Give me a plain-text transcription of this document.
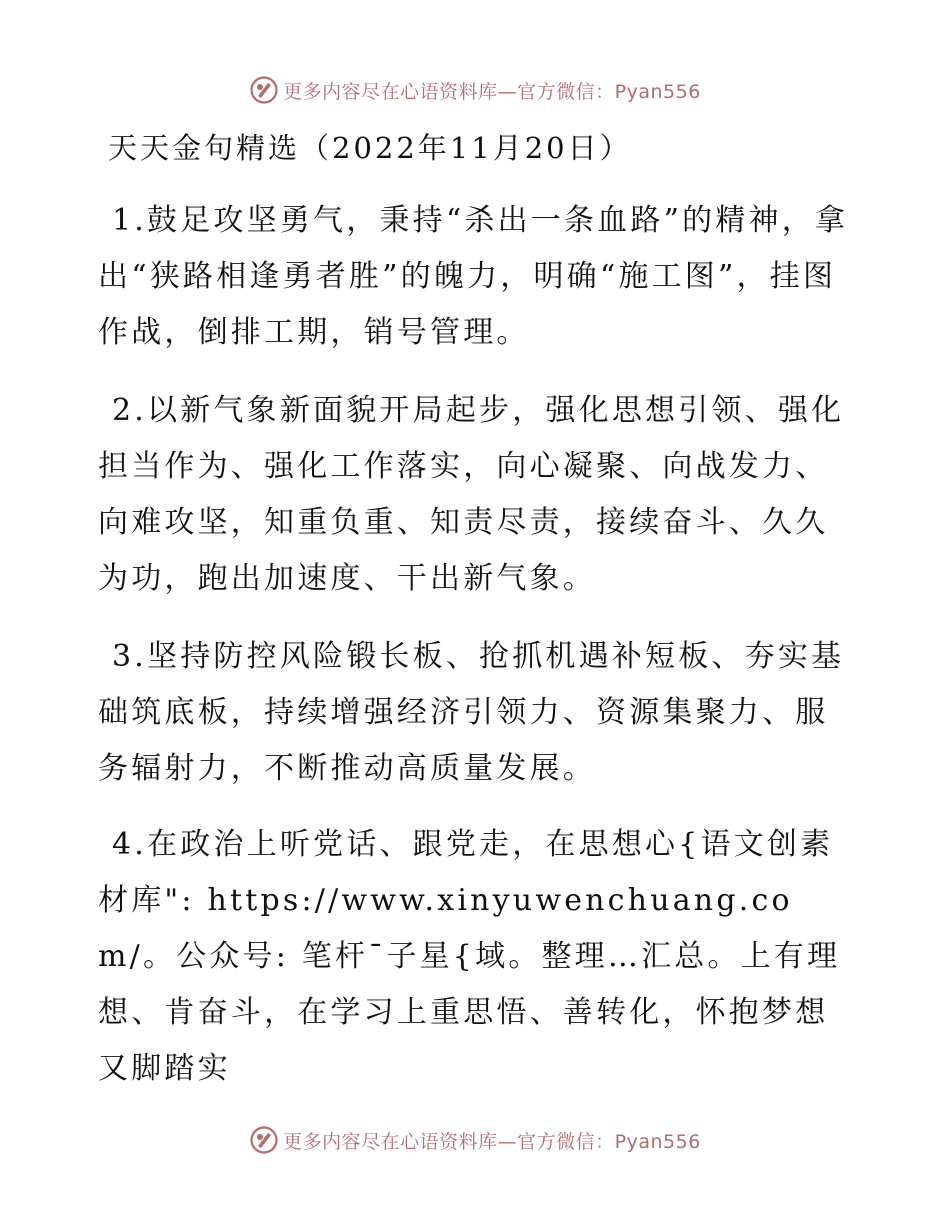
更多内容尽在心语资料库—官方微信：Pyan556
天天金句精选（2022年11月20日）
1.鼓足攻坚勇气，秉持“杀出一条血路”的精神，拿出“狭路相逢勇者胜”的魄力，明确“施工图”，挂图作战，倒排工期，销号管理。
2.以新气象新面貌开局起步，强化思想引领、强化担当作为、强化工作落实，向心凝聚、向战发力、向难攻坚，知重负重、知责尽责，接续奋斗、久久为功，跑出加速度、干出新气象。
3.坚持防控风险锻长板、抢抓机遇补短板、夯实基础筑底板，持续增强经济引领力、资源集聚力、服务辐射力，不断推动高质量发展。
4.在政治上听党话、跟党走，在思想心{语文创素材库": https://www.xinyuwenchuang.com/。公众号: 笔杆¯子星{域。整理…汇总。上有理想、肯奋斗，在学习上重思悟、善转化，怀抱梦想又脚踏实
更多内容尽在心语资料库—官方微信：Pyan556
